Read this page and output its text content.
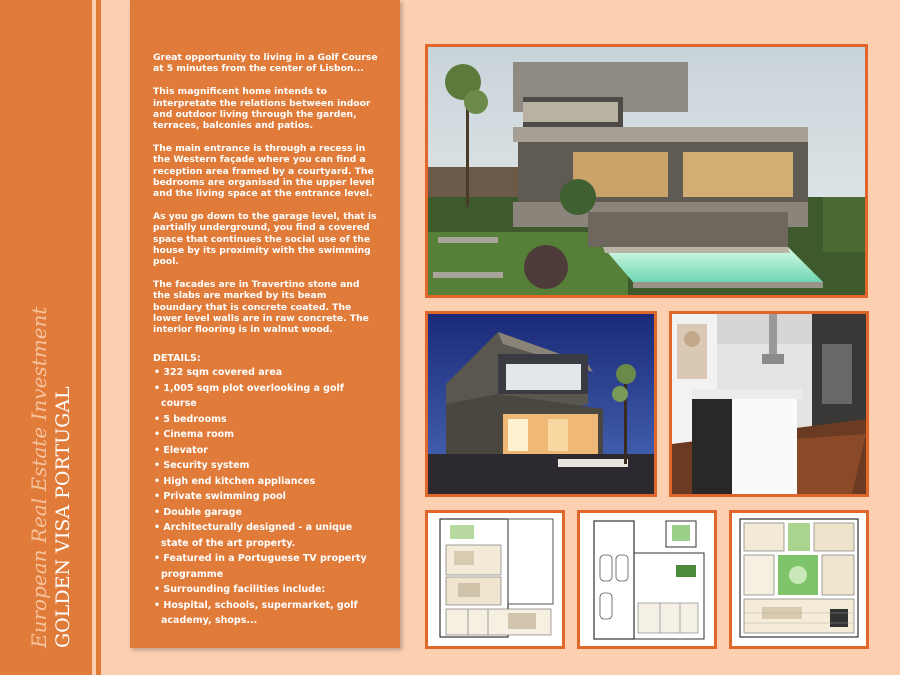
European Real Estate Investment GOLDEN VISA PORTUGAL

Great opportunity to living in a Golf Course at 5 minutes from the center of Lisbon...

This magnificent home intends to interpretate the relations between indoor and outdoor living through the garden, terraces, balconies and patios.

The main entrance is through a recess in the Western façade where you can find a reception area framed by a courtyard. The bedrooms are organised in the upper level and the living space at the entrance level.

As you go down to the garage level, that is partially underground, you find a covered space that continues the social use of the house by its proximity with the swimming pool.

The facades are in Travertino stone and the slabs are marked by its beam boundary that is concrete coated. The lower level walls are in raw concrete. The interior flooring is in walnut wood.

DETAILS:
• 322 sqm covered area
• 1,005 sqm plot overlooking a golf course
• 5 bedrooms
• Cinema room
• Elevator
• Security system
• High end kitchen appliances
• Private swimming pool
• Double garage
• Architecturally designed - a unique
state of the art property.
• Featured in a Portuguese TV property
programme
• Surrounding facilities include:
• Hospital, schools, supermarket, golf
academy, shops...
